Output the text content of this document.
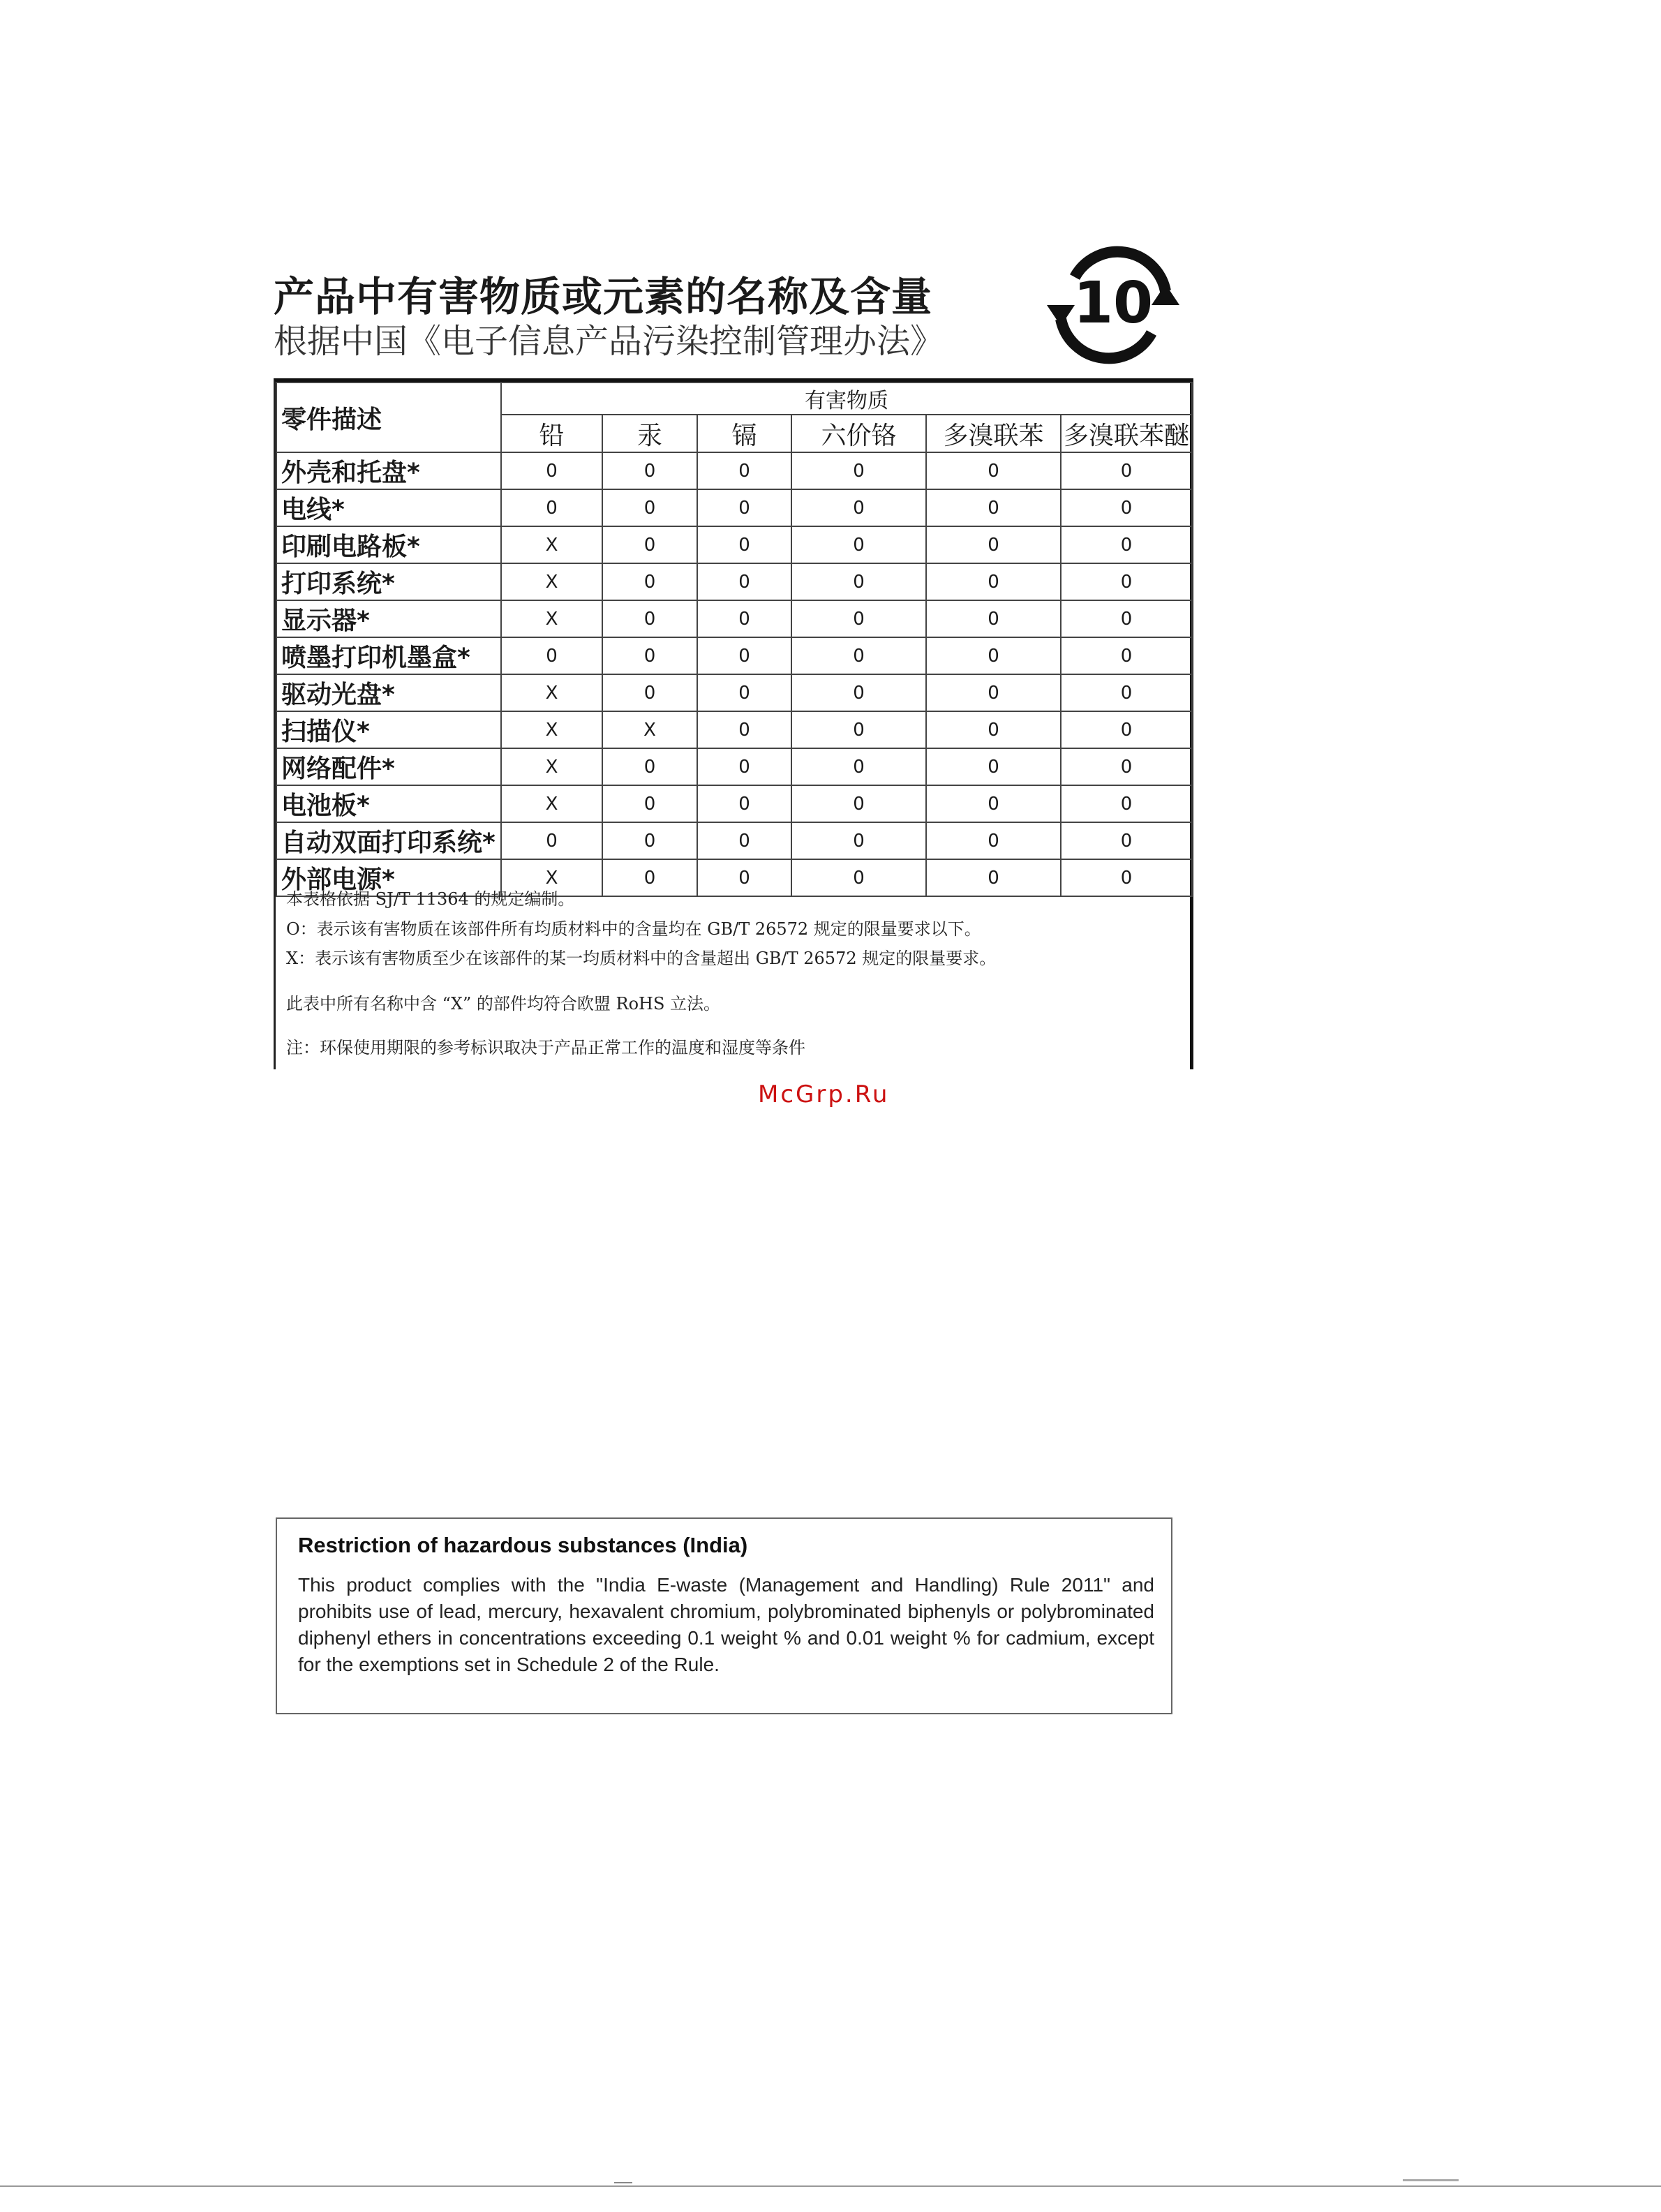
产品中有害物质或元素的名称及含量
根据中国《电子信息产品污染控制管理办法》
10
零件描述	有害物质					
	铅	汞	镉	六价铬	多溴联苯	多溴联苯醚
外壳和托盘*	0	0	0	0	0	0
电线*	0	0	0	0	0	0
印刷电路板*	X	0	0	0	0	0
打印系统*	X	0	0	0	0	0
显示器*	X	0	0	0	0	0
喷墨打印机墨盒*	0	0	0	0	0	0
驱动光盘*	X	0	0	0	0	0
扫描仪*	X	X	0	0	0	0
网络配件*	X	0	0	0	0	0
电池板*	X	0	0	0	0	0
自动双面打印系统*	0	0	0	0	0	0
外部电源*	X	0	0	0	0	0
本表格依据 SJ/T 11364 的规定编制。
O：表示该有害物质在该部件所有均质材料中的含量均在 GB/T 26572 规定的限量要求以下。
X：表示该有害物质至少在该部件的某一均质材料中的含量超出 GB/T 26572 规定的限量要求。
此表中所有名称中含 “X” 的部件均符合欧盟 RoHS 立法。
注：环保使用期限的参考标识取决于产品正常工作的温度和湿度等条件
McGrp.Ru
Restriction of hazardous substances (India)
This product complies with the "India E-waste (Management and Handling) Rule 2011" and prohibits use of lead, mercury, hexavalent chromium, polybrominated biphenyls or polybrominated diphenyl ethers in concentrations exceeding 0.1 weight % and 0.01 weight % for cadmium, except for the exemptions set in Schedule 2 of the Rule.
